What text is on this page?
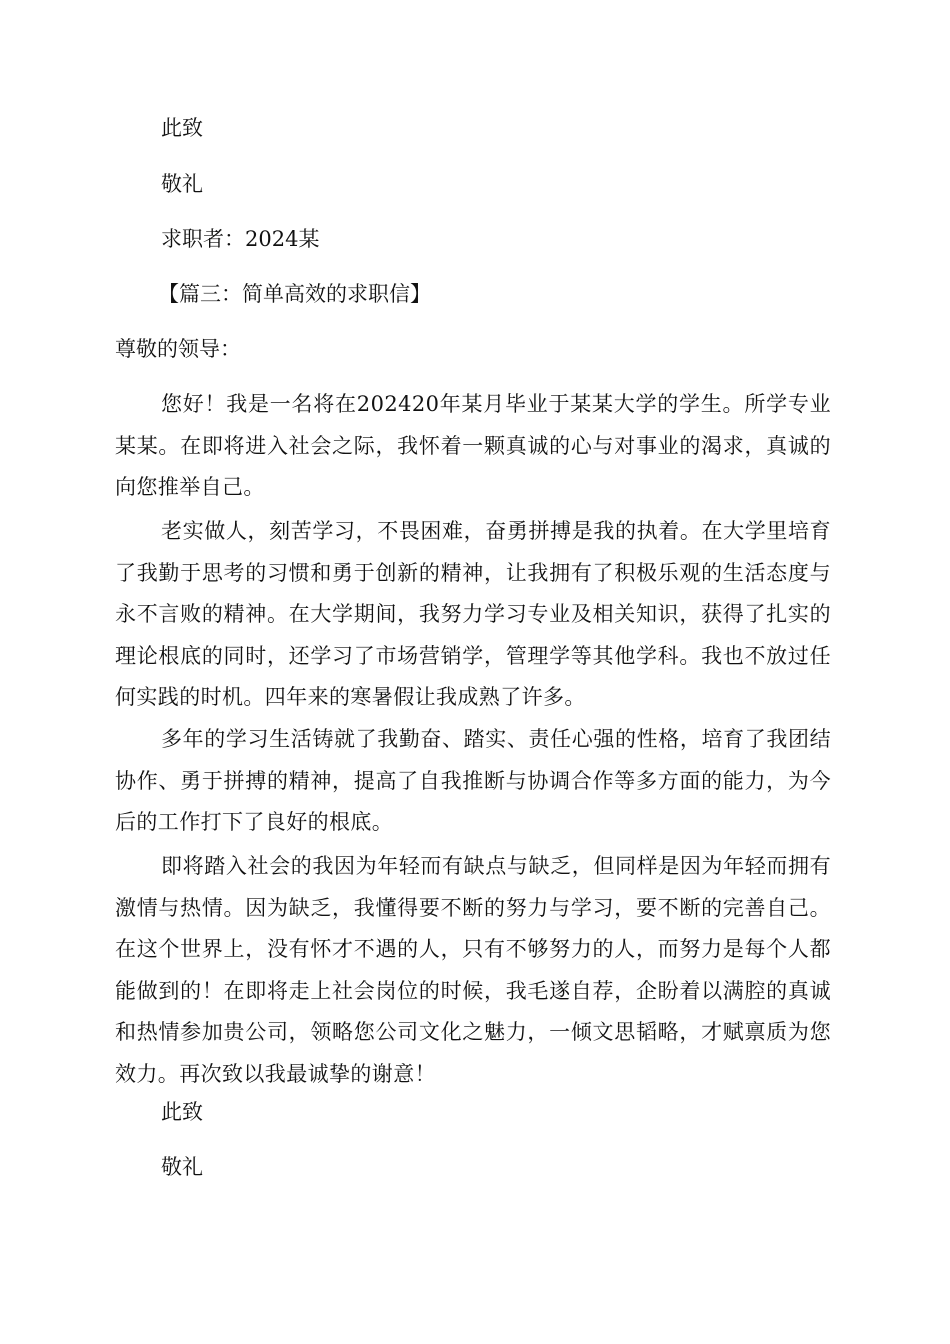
此致
敬礼
求职者：2024某
【篇三：简单高效的求职信】
尊敬的领导：

您好！我是一名将在202420年某月毕业于某某大学的学生。所学专业某某。在即将进入社会之际，我怀着一颗真诚的心与对事业的渴求，真诚的向您推举自己。

老实做人，刻苦学习，不畏困难，奋勇拼搏是我的执着。在大学里培育了我勤于思考的习惯和勇于创新的精神，让我拥有了积极乐观的生活态度与永不言败的精神。在大学期间，我努力学习专业及相关知识，获得了扎实的理论根底的同时，还学习了市场营销学，管理学等其他学科。我也不放过任何实践的时机。四年来的寒暑假让我成熟了许多。

多年的学习生活铸就了我勤奋、踏实、责任心强的性格，培育了我团结协作、勇于拼搏的精神，提高了自我推断与协调合作等多方面的能力，为今后的工作打下了良好的根底。

即将踏入社会的我因为年轻而有缺点与缺乏，但同样是因为年轻而拥有激情与热情。因为缺乏，我懂得要不断的努力与学习，要不断的完善自己。在这个世界上，没有怀才不遇的人，只有不够努力的人，而努力是每个人都能做到的！在即将走上社会岗位的时候，我毛遂自荐，企盼着以满腔的真诚和热情参加贵公司，领略您公司文化之魅力，一倾文思韬略，才赋禀质为您效力。再次致以我最诚挚的谢意！

此致
敬礼
